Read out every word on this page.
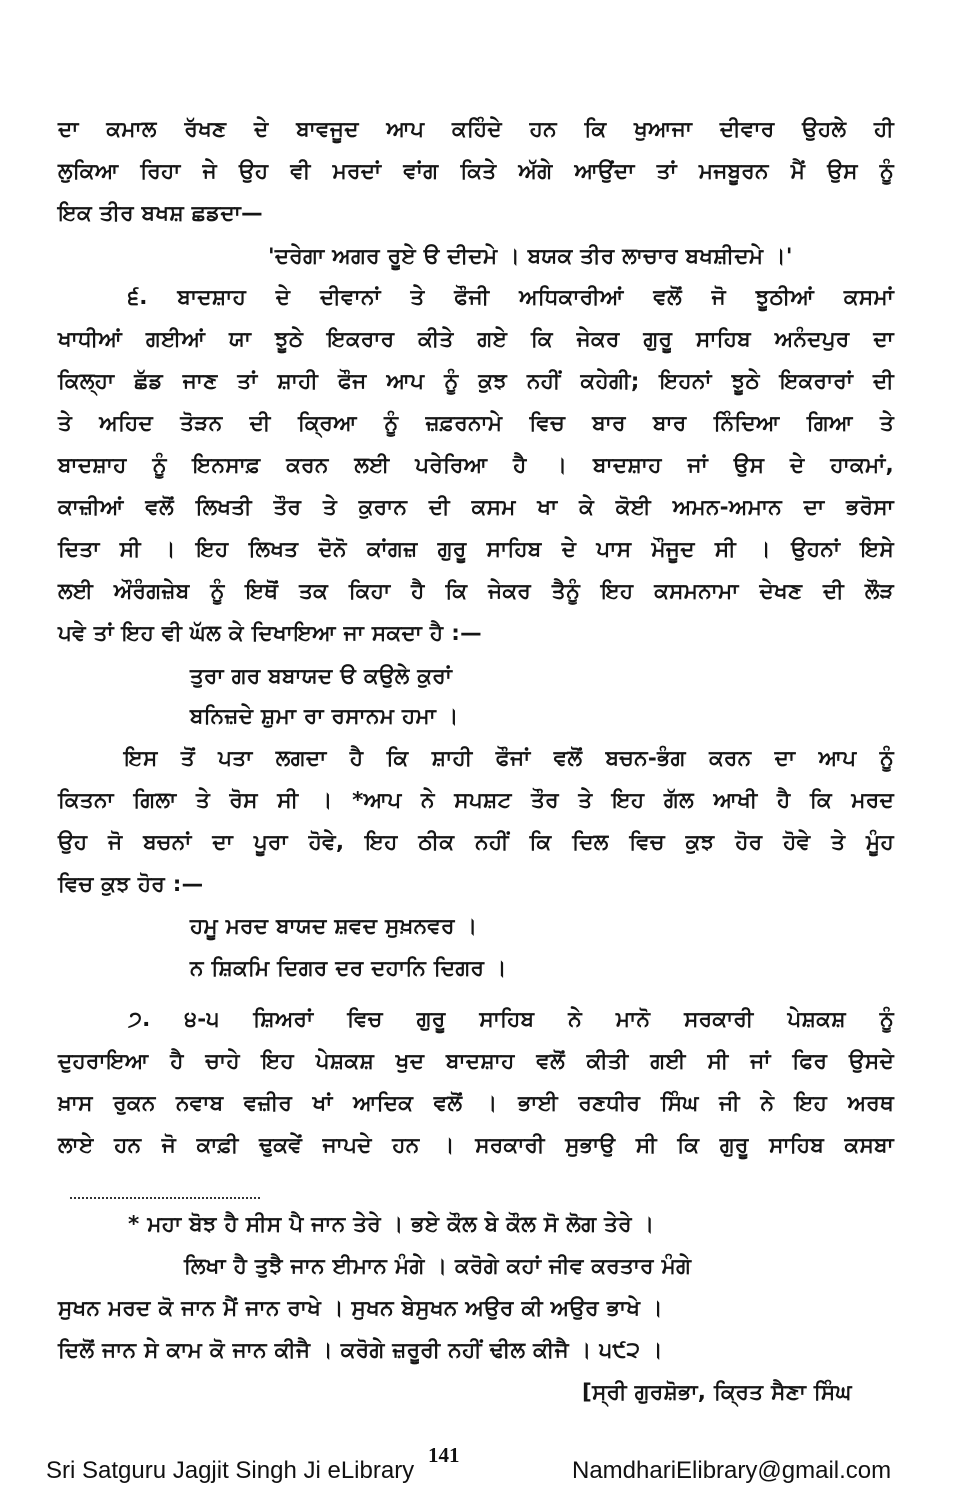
ਦਾ ਕਮਾਲ ਰੱਖਣ ਦੇ ਬਾਵਜੂਦ ਆਪ ਕਹਿੰਦੇ ਹਨ ਕਿ ਖੁਆਜਾ ਦੀਵਾਰ ਉਹਲੇ ਹੀ
ਲੁਕਿਆ ਰਿਹਾ ਜੇ ਉਹ ਵੀ ਮਰਦਾਂ ਵਾਂਗ ਕਿਤੇ ਅੱਗੇ ਆਉਂਦਾ ਤਾਂ ਮਜਬੂਰਨ ਮੈਂ ਉਸ ਨੂੰ
ਇਕ ਤੀਰ ਬਖਸ਼ ਛਡਦਾ—
'ਦਰੇਗਾ ਅਗਰ ਰੂਏ ੳ ਦੀਦਮੇ । ਬਯਕ ਤੀਰ ਲਾਚਾਰ ਬਖਸ਼ੀਦਮੇ ।'
੬. ਬਾਦਸ਼ਾਹ ਦੇ ਦੀਵਾਨਾਂ ਤੇ ਫੌਜੀ ਅਧਿਕਾਰੀਆਂ ਵਲੋਂ ਜੋ ਝੂਠੀਆਂ ਕਸਮਾਂ
ਖਾਧੀਆਂ ਗਈਆਂ ਯਾ ਝੂਠੇ ਇਕਰਾਰ ਕੀਤੇ ਗਏ ਕਿ ਜੇਕਰ ਗੁਰੂ ਸਾਹਿਬ ਅਨੰਦਪੁਰ ਦਾ
ਕਿਲ੍ਹਾ ਛੱਡ ਜਾਣ ਤਾਂ ਸ਼ਾਹੀ ਫੌਜ ਆਪ ਨੂੰ ਕੁਝ ਨਹੀਂ ਕਹੇਗੀ; ਇਹਨਾਂ ਝੂਠੇ ਇਕਰਾਰਾਂ ਦੀ
ਤੇ ਅਹਿਦ ਤੋੜਨ ਦੀ ਕ੍ਰਿਆ ਨੂੰ ਜ਼ਫ਼ਰਨਾਮੇ ਵਿਚ ਬਾਰ ਬਾਰ ਨਿੰਦਿਆ ਗਿਆ ਤੇ
ਬਾਦਸ਼ਾਹ ਨੂੰ ਇਨਸਾਫ਼ ਕਰਨ ਲਈ ਪਰੇਰਿਆ ਹੈ । ਬਾਦਸ਼ਾਹ ਜਾਂ ਉਸ ਦੇ ਹਾਕਮਾਂ,
ਕਾਜ਼ੀਆਂ ਵਲੋਂ ਲਿਖਤੀ ਤੌਰ ਤੇ ਕੁਰਾਨ ਦੀ ਕਸਮ ਖਾ ਕੇ ਕੋਈ ਅਮਨ-ਅਮਾਨ ਦਾ ਭਰੋਸਾ
ਦਿਤਾ ਸੀ । ਇਹ ਲਿਖਤ ਦੋਨੋ ਕਾਂਗਜ਼ ਗੁਰੂ ਸਾਹਿਬ ਦੇ ਪਾਸ ਮੌਜੂਦ ਸੀ । ਉਹਨਾਂ ਇਸੇ
ਲਈ ਔਰੰਗਜ਼ੇਬ ਨੂੰ ਇਥੋਂ ਤਕ ਕਿਹਾ ਹੈ ਕਿ ਜੇਕਰ ਤੈਨੂੰ ਇਹ ਕਸਮਨਾਮਾ ਦੇਖਣ ਦੀ ਲੌੜ
ਪਵੇ ਤਾਂ ਇਹ ਵੀ ਘੱਲ ਕੇ ਦਿਖਾਇਆ ਜਾ ਸਕਦਾ ਹੈ :—
ਤੁਰਾ ਗਰ ਬਬਾਯਦ ੳ ਕਉਲੇ ਕੁਰਾਂ
ਬਨਿਜ਼ਦੇ ਸ਼ੁਮਾ ਰਾ ਰਸਾਨਮ ਹਮਾ ।
ਇਸ ਤੋਂ ਪਤਾ ਲਗਦਾ ਹੈ ਕਿ ਸ਼ਾਹੀ ਫੌਜਾਂ ਵਲੋਂ ਬਚਨ-ਭੰਗ ਕਰਨ ਦਾ ਆਪ ਨੂੰ
ਕਿਤਨਾ ਗਿਲਾ ਤੇ ਰੋਸ ਸੀ । *ਆਪ ਨੇ ਸਪਸ਼ਟ ਤੌਰ ਤੇ ਇਹ ਗੱਲ ਆਖੀ ਹੈ ਕਿ ਮਰਦ
ਉਹ ਜੋ ਬਚਨਾਂ ਦਾ ਪੂਰਾ ਹੋਵੇ, ਇਹ ਠੀਕ ਨਹੀਂ ਕਿ ਦਿਲ ਵਿਚ ਕੁਝ ਹੋਰ ਹੋਵੇ ਤੇ ਮੂੰਹ
ਵਿਚ ਕੁਝ ਹੋਰ :—
ਹਮੂ ਮਰਦ ਬਾਯਦ ਸ਼ਵਦ ਸੁਖ਼ਨਵਰ ।
ਨ ਸ਼ਿਕਮਿ ਦਿਗਰ ਦਰ ਦਹਾਨਿ ਦਿਗਰ ।
੭. ੪-੫ ਸ਼ਿਅਰਾਂ ਵਿਚ ਗੁਰੂ ਸਾਹਿਬ ਨੇ ਮਾਨੋ ਸਰਕਾਰੀ ਪੇਸ਼ਕਸ਼ ਨੂੰ
ਦੁਹਰਾਇਆ ਹੈ ਚਾਹੇ ਇਹ ਪੇਸ਼ਕਸ਼ ਖੁਦ ਬਾਦਸ਼ਾਹ ਵਲੋਂ ਕੀਤੀ ਗਈ ਸੀ ਜਾਂ ਫਿਰ ਉਸਦੇ
ਖ਼ਾਸ ਰੁਕਨ ਨਵਾਬ ਵਜ਼ੀਰ ਖਾਂ ਆਦਿਕ ਵਲੋਂ । ਭਾਈ ਰਣਧੀਰ ਸਿੰਘ ਜੀ ਨੇ ਇਹ ਅਰਥ
ਲਾਏ ਹਨ ਜੋ ਕਾਫ਼ੀ ਢੁਕਵੇਂ ਜਾਪਦੇ ਹਨ । ਸਰਕਾਰੀ ਸੁਭਾਉ ਸੀ ਕਿ ਗੁਰੂ ਸਾਹਿਬ ਕਸਬਾ
* ਮਹਾ ਬੋਝ ਹੈ ਸੀਸ ਪੈ ਜਾਨ ਤੇਰੇ । ਭਏ ਕੌਲ ਬੇ ਕੌਲ ਸੋ ਲੋਗ ਤੇਰੇ ।
ਲਿਖਾ ਹੈ ਤੁਝੈ ਜਾਨ ਈਮਾਨ ਮੰਗੇ । ਕਰੋਗੇ ਕਹਾਂ ਜੀਵ ਕਰਤਾਰ ਮੰਗੇ
ਸੁਖਨ ਮਰਦ ਕੋ ਜਾਨ ਮੈਂ ਜਾਨ ਰਾਖੇ । ਸੁਖਨ ਬੇਸੁਖਨ ਅਉਰ ਕੀ ਅਉਰ ਭਾਖੇ ।
ਦਿਲੋਂ ਜਾਨ ਸੇ ਕਾਮ ਕੋ ਜਾਨ ਕੀਜੈ । ਕਰੋਗੇ ਜ਼ਰੂਰੀ ਨਹੀਂ ਢੀਲ ਕੀਜੈ । ੫੯੨ ।
[ਸ੍ਰੀ ਗੁਰਸ਼ੋਭਾ, ਕ੍ਰਿਤ ਸੈਣਾ ਸਿੰਘ
Sri Satguru Jagjit Singh Ji eLibrary
141
NamdhariElibrary@gmail.com
